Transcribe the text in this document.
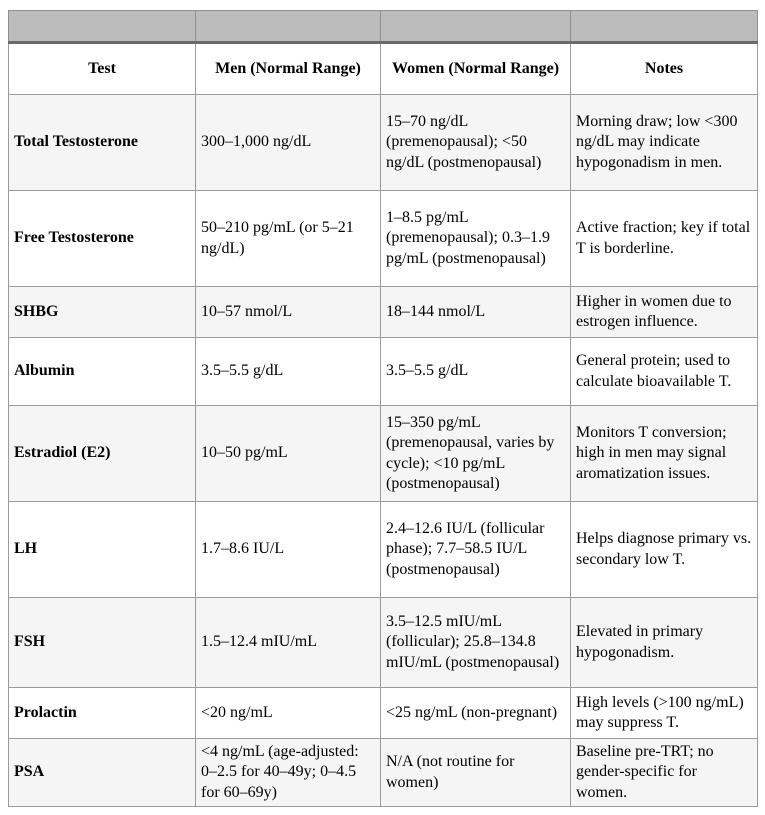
Test	Men (Normal Range)	Women (Normal Range)	Notes
Total Testosterone	300–1,000 ng/dL	15–70 ng/dL (premenopausal); <50 ng/dL (postmenopausal)	Morning draw; low <300 ng/dL may indicate hypogonadism in men.
Free Testosterone	50–210 pg/mL (or 5–21 ng/dL)	1–8.5 pg/mL (premenopausal); 0.3–1.9 pg/mL (postmenopausal)	Active fraction; key if total T is borderline.
SHBG	10–57 nmol/L	18–144 nmol/L	Higher in women due to estrogen influence.
Albumin	3.5–5.5 g/dL	3.5–5.5 g/dL	General protein; used to calculate bioavailable T.
Estradiol (E2)	10–50 pg/mL	15–350 pg/mL (premenopausal, varies by cycle); <10 pg/mL (postmenopausal)	Monitors T conversion; high in men may signal aromatization issues.
LH	1.7–8.6 IU/L	2.4–12.6 IU/L (follicular phase); 7.7–58.5 IU/L (postmenopausal)	Helps diagnose primary vs. secondary low T.
FSH	1.5–12.4 mIU/mL	3.5–12.5 mIU/mL (follicular); 25.8–134.8 mIU/mL (postmenopausal)	Elevated in primary hypogonadism.
Prolactin	<20 ng/mL	<25 ng/mL (non-pregnant)	High levels (>100 ng/mL) may suppress T.
PSA	<4 ng/mL (age-adjusted: 0–2.5 for 40–49y; 0–4.5 for 60–69y)	N/A (not routine for women)	Baseline pre-TRT; no gender-specific for women.
